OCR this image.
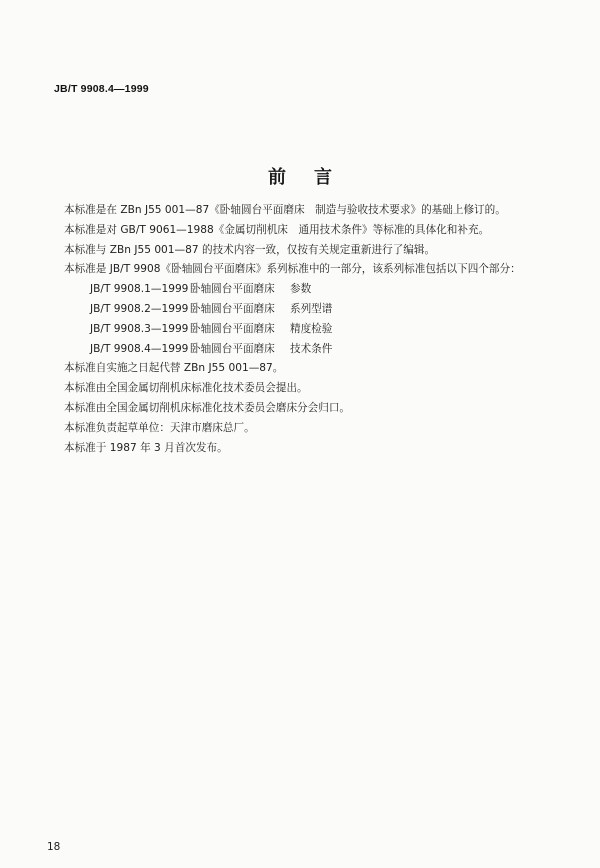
JB/T 9908.4—1999
前言

本标准是在 ZBn J55 001—87《卧轴圆台平面磨床　制造与验收技术要求》的基础上修订的。

本标准是对 GB/T 9061—1988《金属切削机床　通用技术条件》等标准的具体化和补充。

本标准与 ZBn J55 001—87 的技术内容一致，仅按有关规定重新进行了编辑。

本标准是 JB/T 9908《卧轴圆台平面磨床》系列标准中的一部分，该系列标准包括以下四个部分：

JB/T 9908.1—1999 卧轴圆台平面磨床 参数
JB/T 9908.2—1999 卧轴圆台平面磨床 系列型谱
JB/T 9908.3—1999 卧轴圆台平面磨床 精度检验
JB/T 9908.4—1999 卧轴圆台平面磨床 技术条件

本标准自实施之日起代替 ZBn J55 001—87。

本标准由全国金属切削机床标准化技术委员会提出。

本标准由全国金属切削机床标准化技术委员会磨床分会归口。

本标准负责起草单位：天津市磨床总厂。

本标准于 1987 年 3 月首次发布。

18
